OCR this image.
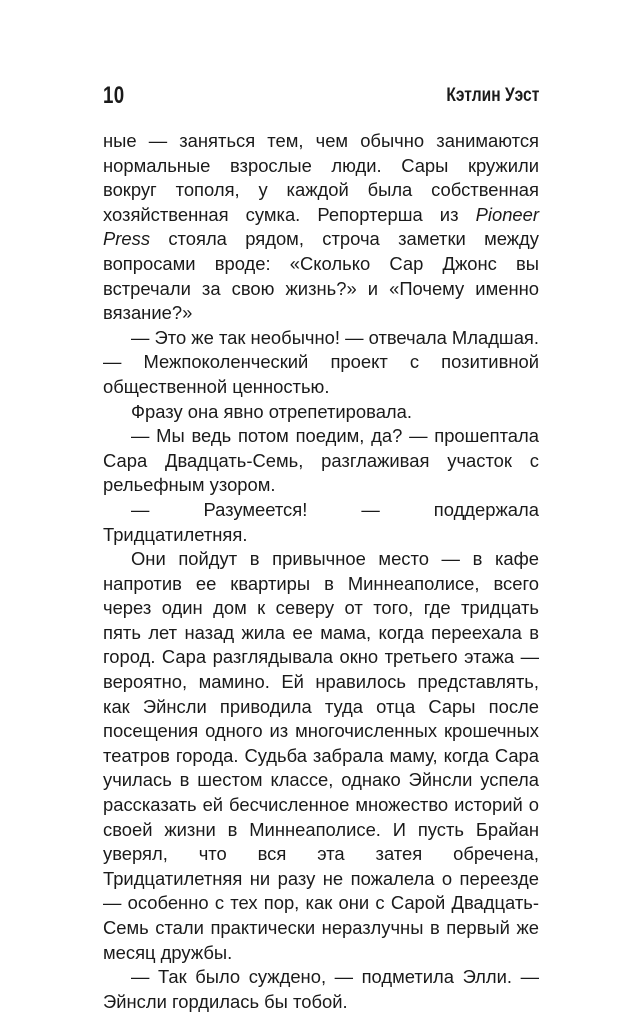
10	Кэтлин Уэст

ные — заняться тем, чем обычно занимаются нормальные взрослые люди. Сары кружили вокруг тополя, у каждой была собственная хозяйственная сумка. Репортерша из Pioneer Press стояла рядом, строча заметки между вопросами вроде: «Сколько Сар Джонс вы встречали за свою жизнь?» и «Почему именно вязание?»

— Это же так необычно! — отвечала Младшая. — Межпоколенческий проект с позитивной общественной ценностью.

Фразу она явно отрепетировала.

— Мы ведь потом поедим, да? — прошептала Сара Двадцать-Семь, разглаживая участок с рельефным узором.

— Разумеется! — поддержала Тридцатилетняя.

Они пойдут в привычное место — в кафе напротив ее квартиры в Миннеаполисе, всего через один дом к северу от того, где тридцать пять лет назад жила ее мама, когда переехала в город. Сара разглядывала окно третьего этажа — вероятно, мамино. Ей нравилось представлять, как Эйнсли приводила туда отца Сары после посещения одного из многочисленных крошечных театров города. Судьба забрала маму, когда Сара училась в шестом классе, однако Эйнсли успела рассказать ей бесчисленное множество историй о своей жизни в Миннеаполисе. И пусть Брайан уверял, что вся эта затея обречена, Тридцатилетняя ни разу не пожалела о переезде — особенно с тех пор, как они с Сарой Двадцать-Семь стали практически неразлучны в первый же месяц дружбы.

— Так было суждено, — подметила Элли. — Эйнсли гордилась бы тобой.
